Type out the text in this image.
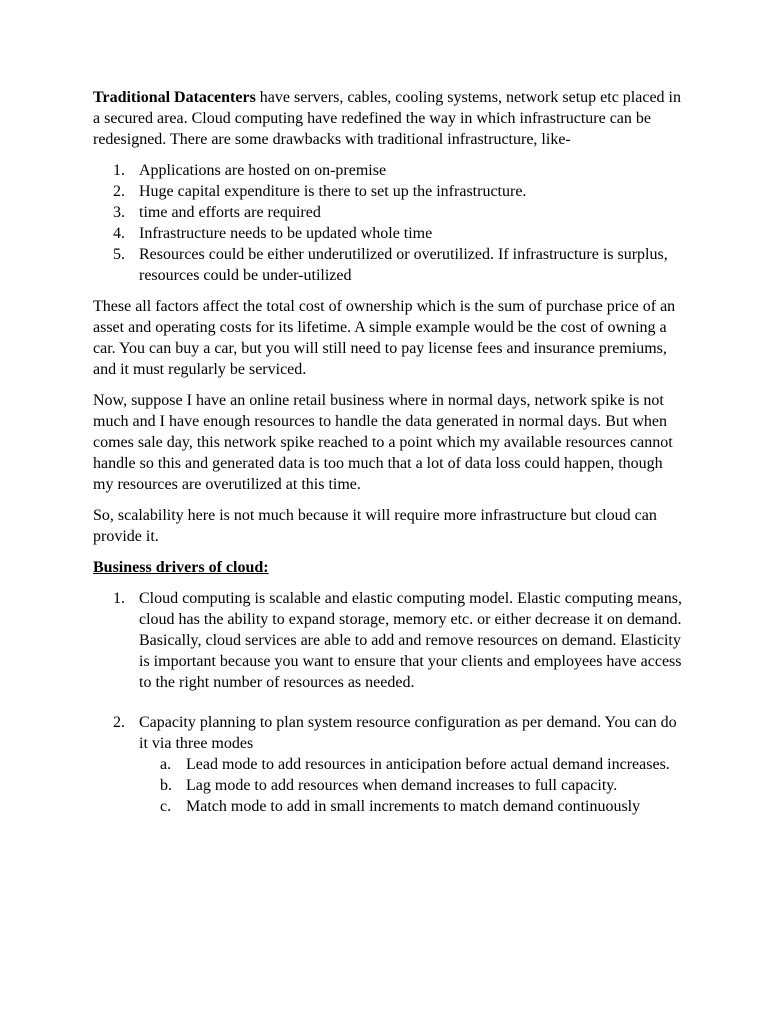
Traditional Datacenters have servers, cables, cooling systems, network setup etc placed in a secured area. Cloud computing have redefined the way in which infrastructure can be redesigned. There are some drawbacks with traditional infrastructure, like-

1. Applications are hosted on on-premise
2. Huge capital expenditure is there to set up the infrastructure.
3. time and efforts are required
4. Infrastructure needs to be updated whole time
5. Resources could be either underutilized or overutilized. If infrastructure is surplus, resources could be under-utilized

These all factors affect the total cost of ownership which is the sum of purchase price of an asset and operating costs for its lifetime. A simple example would be the cost of owning a car. You can buy a car, but you will still need to pay license fees and insurance premiums, and it must regularly be serviced.

Now, suppose I have an online retail business where in normal days, network spike is not much and I have enough resources to handle the data generated in normal days. But when comes sale day, this network spike reached to a point which my available resources cannot handle so this and generated data is too much that a lot of data loss could happen, though my resources are overutilized at this time.

So, scalability here is not much because it will require more infrastructure but cloud can provide it.

Business drivers of cloud:
1. Cloud computing is scalable and elastic computing model. Elastic computing means, cloud has the ability to expand storage, memory etc. or either decrease it on demand. Basically, cloud services are able to add and remove resources on demand. Elasticity is important because you want to ensure that your clients and employees have access to the right number of resources as needed.
2. Capacity planning to plan system resource configuration as per demand. You can do it via three modes
a. Lead mode to add resources in anticipation before actual demand increases.
b. Lag mode to add resources when demand increases to full capacity.
c. Match mode to add in small increments to match demand continuously
